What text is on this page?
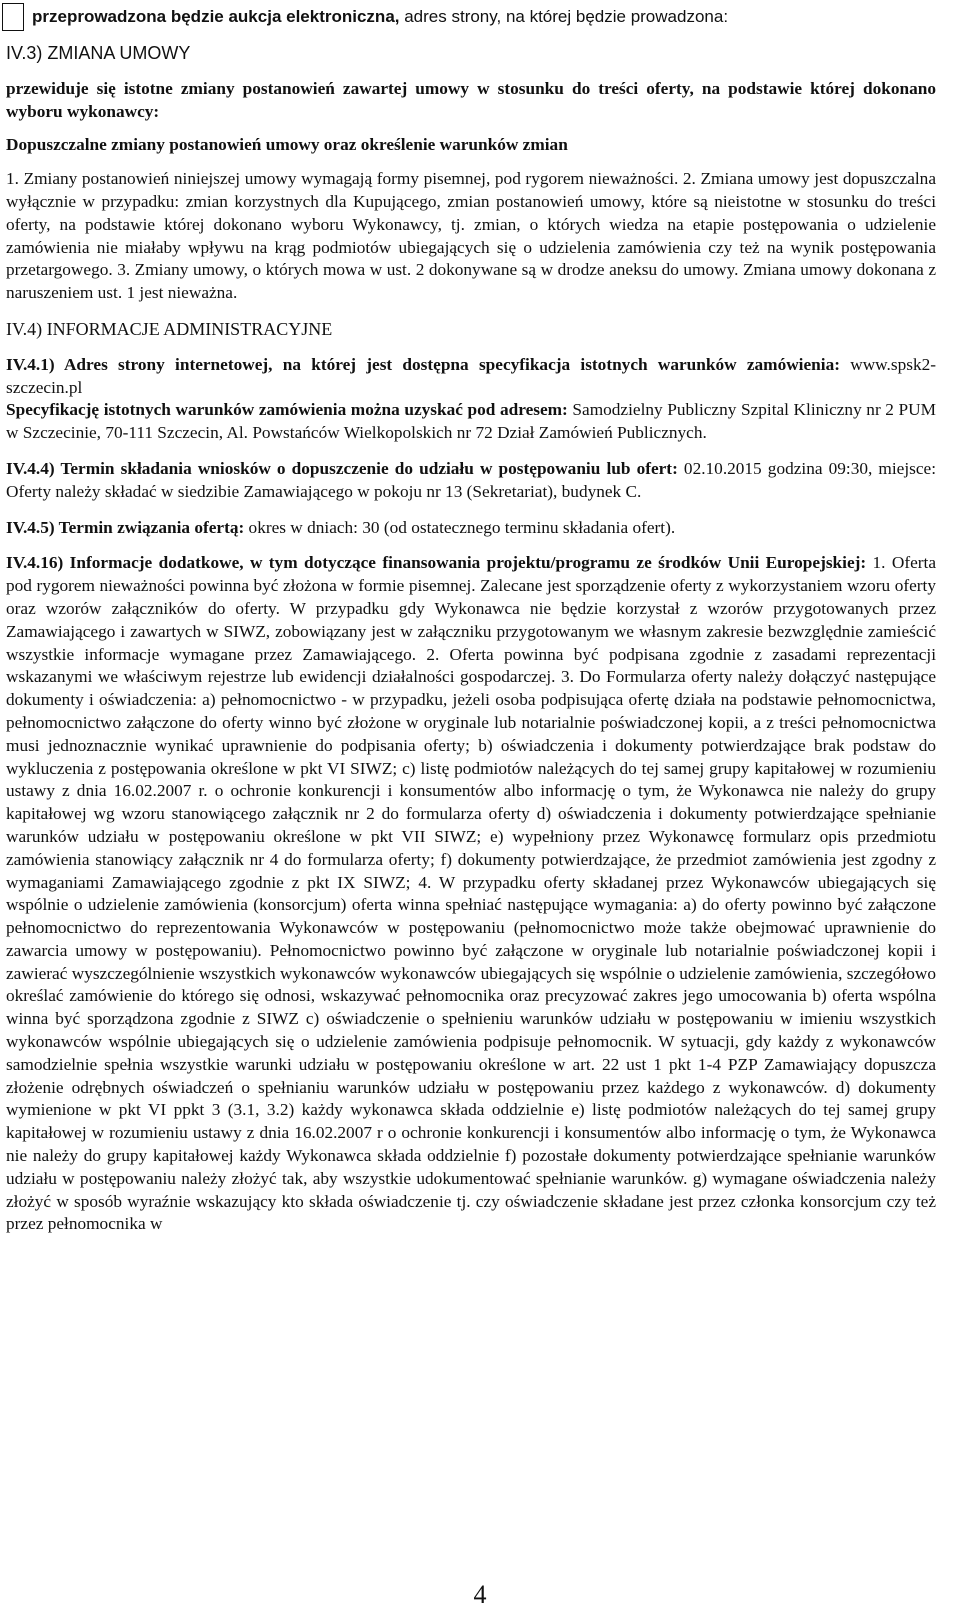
przeprowadzona będzie aukcja elektroniczna, adres strony, na której będzie prowadzona:

IV.3) ZMIANA UMOWY

przewiduje się istotne zmiany postanowień zawartej umowy w stosunku do treści oferty, na podstawie której dokonano wyboru wykonawcy:

Dopuszczalne zmiany postanowień umowy oraz określenie warunków zmian

1. Zmiany postanowień niniejszej umowy wymagają formy pisemnej, pod rygorem nieważności. 2. Zmiana umowy jest dopuszczalna wyłącznie w przypadku: zmian korzystnych dla Kupującego, zmian postanowień umowy, które są nieistotne w stosunku do treści oferty, na podstawie której dokonano wyboru Wykonawcy, tj. zmian, o których wiedza na etapie postępowania o udzielenie zamówienia nie miałaby wpływu na krąg podmiotów ubiegających się o udzielenia zamówienia czy też na wynik postępowania przetargowego. 3. Zmiany umowy, o których mowa w ust. 2 dokonywane są w drodze aneksu do umowy. Zmiana umowy dokonana z naruszeniem ust. 1 jest nieważna.

IV.4) INFORMACJE ADMINISTRACYJNE

IV.4.1) Adres strony internetowej, na której jest dostępna specyfikacja istotnych warunków zamówienia: www.spsk2-szczecin.pl

Specyfikację istotnych warunków zamówienia można uzyskać pod adresem: Samodzielny Publiczny Szpital Kliniczny nr 2 PUM w Szczecinie, 70-111 Szczecin, Al. Powstańców Wielkopolskich nr 72 Dział Zamówień Publicznych.

IV.4.4) Termin składania wniosków o dopuszczenie do udziału w postępowaniu lub ofert: 02.10.2015 godzina 09:30, miejsce: Oferty należy składać w siedzibie Zamawiającego w pokoju nr 13 (Sekretariat), budynek C.

IV.4.5) Termin związania ofertą: okres w dniach: 30 (od ostatecznego terminu składania ofert).

IV.4.16) Informacje dodatkowe, w tym dotyczące finansowania projektu/programu ze środków Unii Europejskiej: 1. Oferta pod rygorem nieważności powinna być złożona w formie pisemnej. Zalecane jest sporządzenie oferty z wykorzystaniem wzoru oferty oraz wzorów załączników do oferty. W przypadku gdy Wykonawca nie będzie korzystał z wzorów przygotowanych przez Zamawiającego i zawartych w SIWZ, zobowiązany jest w załączniku przygotowanym we własnym zakresie bezwzględnie zamieścić wszystkie informacje wymagane przez Zamawiającego. 2. Oferta powinna być podpisana zgodnie z zasadami reprezentacji wskazanymi we właściwym rejestrze lub ewidencji działalności gospodarczej. 3. Do Formularza oferty należy dołączyć następujące dokumenty i oświadczenia: a) pełnomocnictwo - w przypadku, jeżeli osoba podpisująca ofertę działa na podstawie pełnomocnictwa, pełnomocnictwo załączone do oferty winno być złożone w oryginale lub notarialnie poświadczonej kopii, a z treści pełnomocnictwa musi jednoznacznie wynikać uprawnienie do podpisania oferty; b) oświadczenia i dokumenty potwierdzające brak podstaw do wykluczenia z postępowania określone w pkt VI SIWZ; c) listę podmiotów należących do tej samej grupy kapitałowej w rozumieniu ustawy z dnia 16.02.2007 r. o ochronie konkurencji i konsumentów albo informację o tym, że Wykonawca nie należy do grupy kapitałowej wg wzoru stanowiącego załącznik nr 2 do formularza oferty d) oświadczenia i dokumenty potwierdzające spełnianie warunków udziału w postępowaniu określone w pkt VII SIWZ; e) wypełniony przez Wykonawcę formularz opis przedmiotu zamówienia stanowiący załącznik nr 4 do formularza oferty; f) dokumenty potwierdzające, że przedmiot zamówienia jest zgodny z wymaganiami Zamawiającego zgodnie z pkt IX SIWZ; 4. W przypadku oferty składanej przez Wykonawców ubiegających się wspólnie o udzielenie zamówienia (konsorcjum) oferta winna spełniać następujące wymagania: a) do oferty powinno być załączone pełnomocnictwo do reprezentowania Wykonawców w postępowaniu (pełnomocnictwo może także obejmować uprawnienie do zawarcia umowy w postępowaniu). Pełnomocnictwo powinno być załączone w oryginale lub notarialnie poświadczonej kopii i zawierać wyszczególnienie wszystkich wykonawców wykonawców ubiegających się wspólnie o udzielenie zamówienia, szczegółowo określać zamówienie do którego się odnosi, wskazywać pełnomocnika oraz precyzować zakres jego umocowania b) oferta wspólna winna być sporządzona zgodnie z SIWZ c) oświadczenie o spełnieniu warunków udziału w postępowaniu w imieniu wszystkich wykonawców wspólnie ubiegających się o udzielenie zamówienia podpisuje pełnomocnik. W sytuacji, gdy każdy z wykonawców samodzielnie spełnia wszystkie warunki udziału w postępowaniu określone w art. 22 ust 1 pkt 1-4 PZP Zamawiający dopuszcza złożenie odrębnych oświadczeń o spełnianiu warunków udziału w postępowaniu przez każdego z wykonawców. d) dokumenty wymienione w pkt VI ppkt 3 (3.1, 3.2) każdy wykonawca składa oddzielnie e) listę podmiotów należących do tej samej grupy kapitałowej w rozumieniu ustawy z dnia 16.02.2007 r o ochronie konkurencji i konsumentów albo informację o tym, że Wykonawca nie należy do grupy kapitałowej każdy Wykonawca składa oddzielnie f) pozostałe dokumenty potwierdzające spełnianie warunków udziału w postępowaniu należy złożyć tak, aby wszystkie udokumentować spełnianie warunków. g) wymagane oświadczenia należy złożyć w sposób wyraźnie wskazujący kto składa oświadczenie tj. czy oświadczenie składane jest przez członka konsorcjum czy też przez pełnomocnika w

4
